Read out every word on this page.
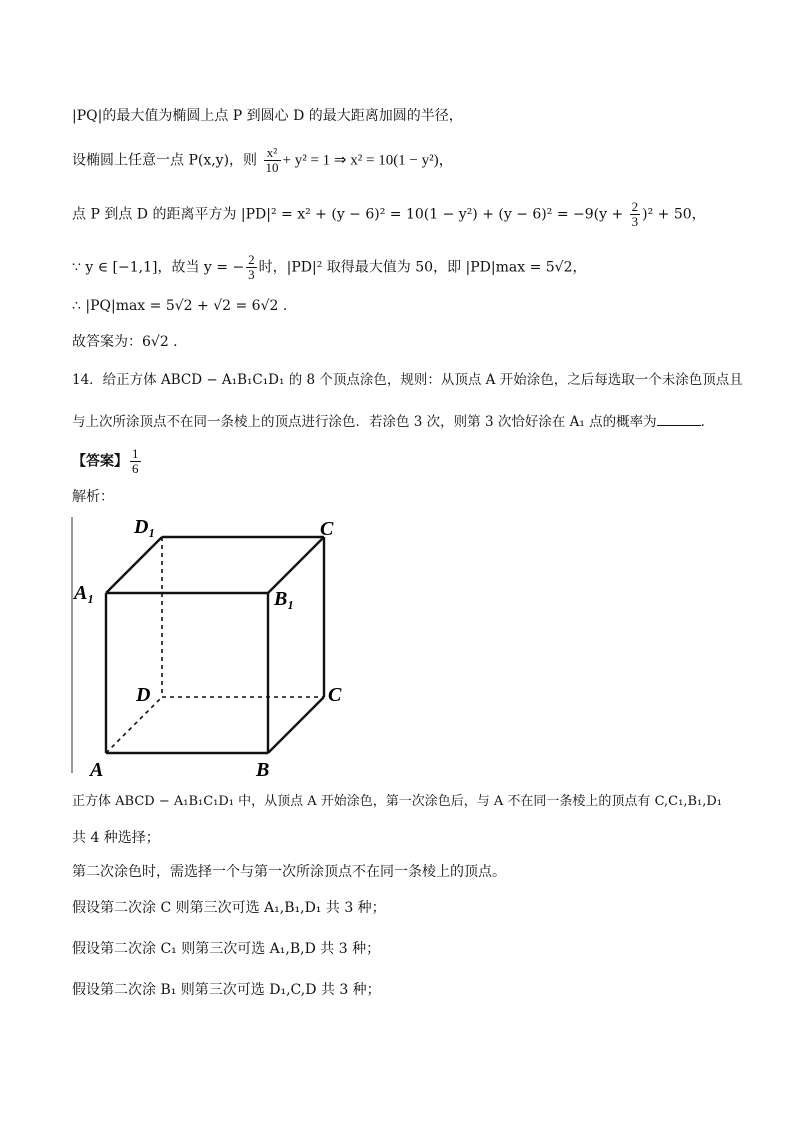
|PQ|的最大值为椭圆上点 P 到圆心 D 的最大距离加圆的半径，
设椭圆上任意一点 P(x,y)，则 $\frac{\text{x²}}{10} + y^2 = 1$ ⇒ x² = 10(1 − y²)，
点 P 到点 D 的距离平方为 $|PD|^2 = x^2 + (y - 6)^2 = 10(1 - y^2) + (y - 6)^2 = -9(y + \frac{2}{3} )^2 + 50$，
∵ y ∈ [−1,1]，故当 y = − $\frac{2}{3}$ 时，|PD|² 取得最大值为 50，即 |PD|max = 5√2，
∴ |PQ|max = 5√2 + √2 = 6√2 .
故答案为：6√2 .
14．给正方体 ABCD − A₁B₁C₁D₁ 的 8 个顶点涂色，规则：从顶点 A 开始涂色，之后每选取一个未涂色顶点且
与上次所涂顶点不在同一条棱上的顶点进行涂色．若涂色 3 次，则第 3 次恰好涂在 A₁ 点的概率为	．
【答案】 $\frac{1}{6}$
解析：
D₁	C
A₁	B₁
D	C
A	B
正方体 ABCD − A₁B₁C₁D₁ 中，从顶点 A 开始涂色，第一次涂色后，与 A 不在同一条棱上的顶点有 C,C₁,B₁,D₁
共 4 种选择；
第二次涂色时，需选择一个与第一次所涂顶点不在同一条棱上的顶点。
假设第二次涂 C 则第三次可选 A₁,B₁,D₁ 共 3 种；
假设第二次涂 C₁ 则第三次可选 A₁,B,D 共 3 种；
假设第二次涂 B₁ 则第三次可选 D₁,C,D 共 3 种；
